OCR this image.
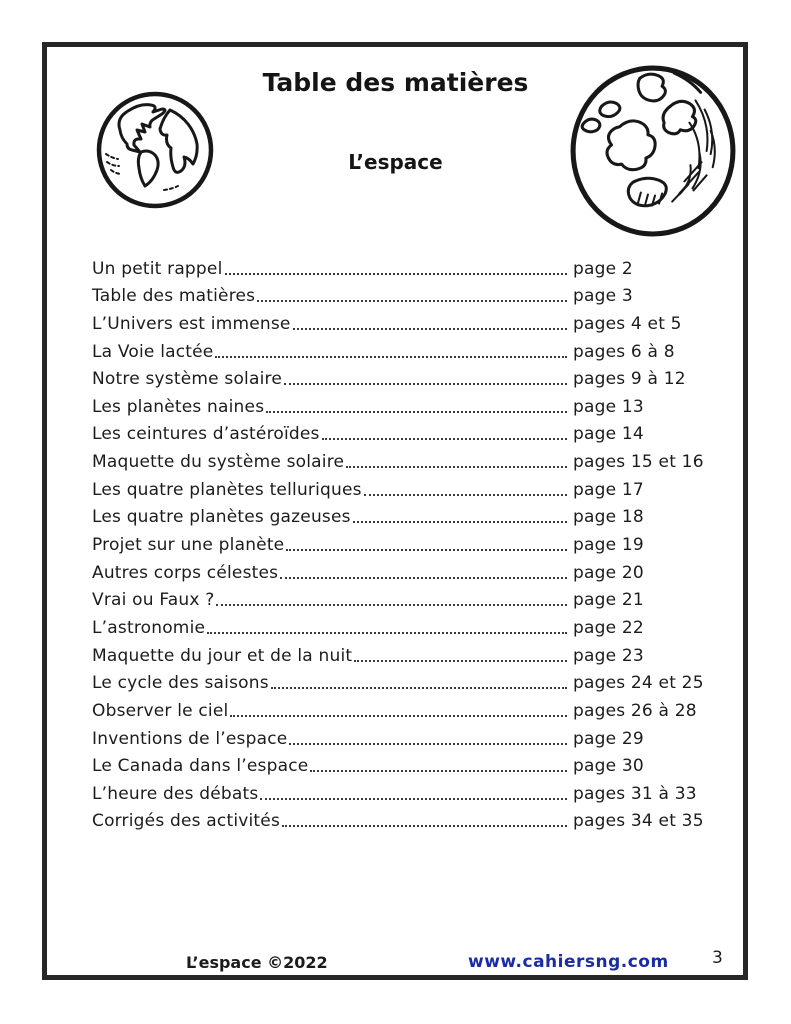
Table des matières
L’espace
Un petit rappel	page 2
Table des matières	page 3
L’Univers est immense	pages 4 et 5
La Voie lactée	pages 6 à 8
Notre système solaire	pages 9 à 12
Les planètes naines	page 13
Les ceintures d’astéroïdes	page 14
Maquette du système solaire	pages 15 et 16
Les quatre planètes telluriques	page 17
Les quatre planètes gazeuses	page 18
Projet sur une planète	page 19
Autres corps célestes	page 20
Vrai ou Faux ?	page 21
L’astronomie	page 22
Maquette du jour et de la nuit	page 23
Le cycle des saisons	pages 24 et 25
Observer le ciel	pages 26 à 28
Inventions de l’espace	page 29
Le Canada dans l’espace	page 30
L’heure des débats	pages 31 à 33
Corrigés des activités	pages 34 et 35
L’espace ©2022	www.cahiersng.com	3
